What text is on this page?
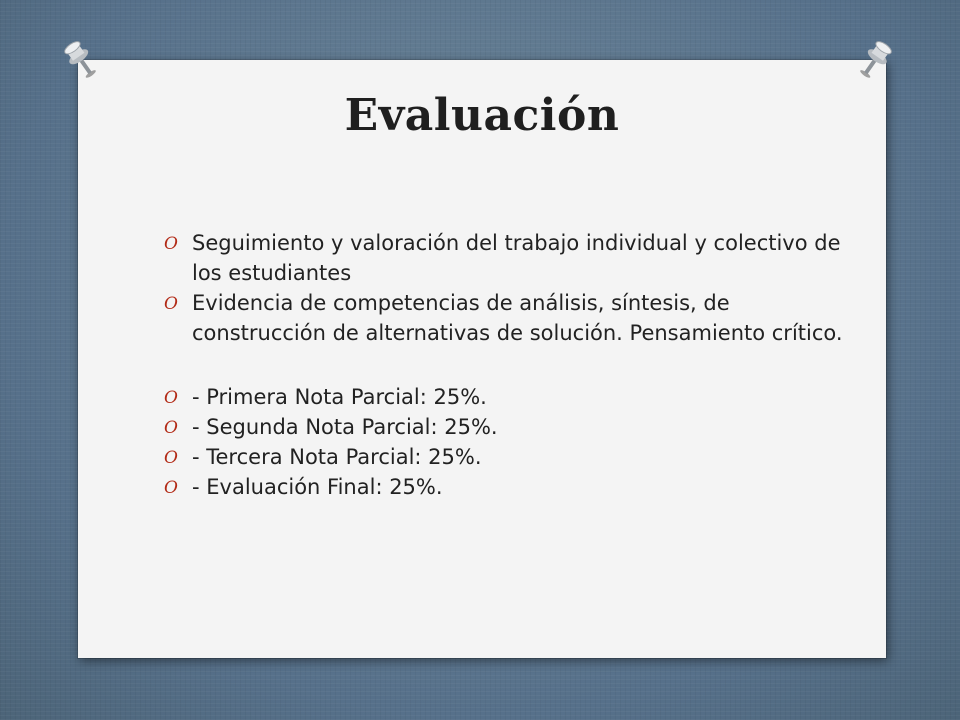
Evaluación
O Seguimiento y valoración del trabajo individual y colectivo de los estudiantes
O Evidencia de competencias de análisis, síntesis, de construcción de alternativas de solución. Pensamiento crítico.
O - Primera Nota Parcial: 25%.
O - Segunda Nota Parcial: 25%.
O - Tercera Nota Parcial: 25%.
O - Evaluación Final: 25%.
